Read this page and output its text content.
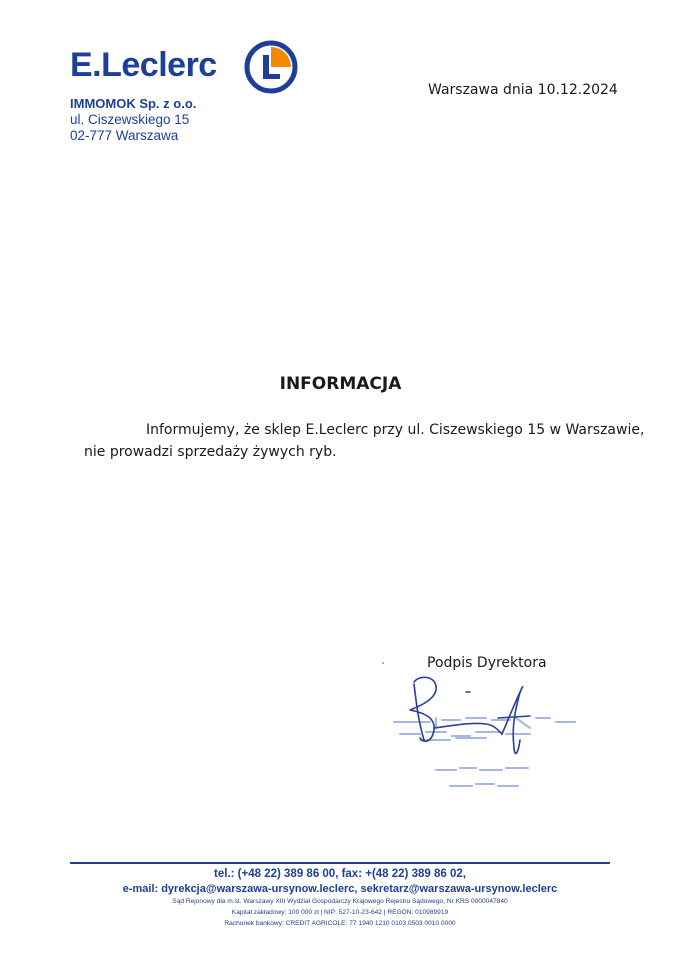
E.Leclerc
IMMOMOK Sp. z o.o.
ul. Ciszewskiego 15
02-777 Warszawa
Warszawa dnia 10.12.2024
INFORMACJA
Informujemy, że sklep E.Leclerc przy ul. Ciszewskiego 15 w Warszawie,
nie prowadzi sprzedaży żywych ryb.
Podpis Dyrektora
tel.: (+48 22) 389 86 00, fax: +(48 22) 389 86 02,
e-mail: dyrekcja@warszawa-ursynow.leclerc, sekretarz@warszawa-ursynow.leclerc
Sąd Rejonowy dla m.st. Warszawy XIII Wydział Gospodarczy Krajowego Rejestru Sądowego, Nr KRS 0000047840
Kapitał zakładowy: 100 000 zł | NIP: 527-10-23-642 | REGON: 010989919
Rachunek bankowy: CREDIT AGRICOLE: 77 1940 1210 0103 0503 0010 0000
